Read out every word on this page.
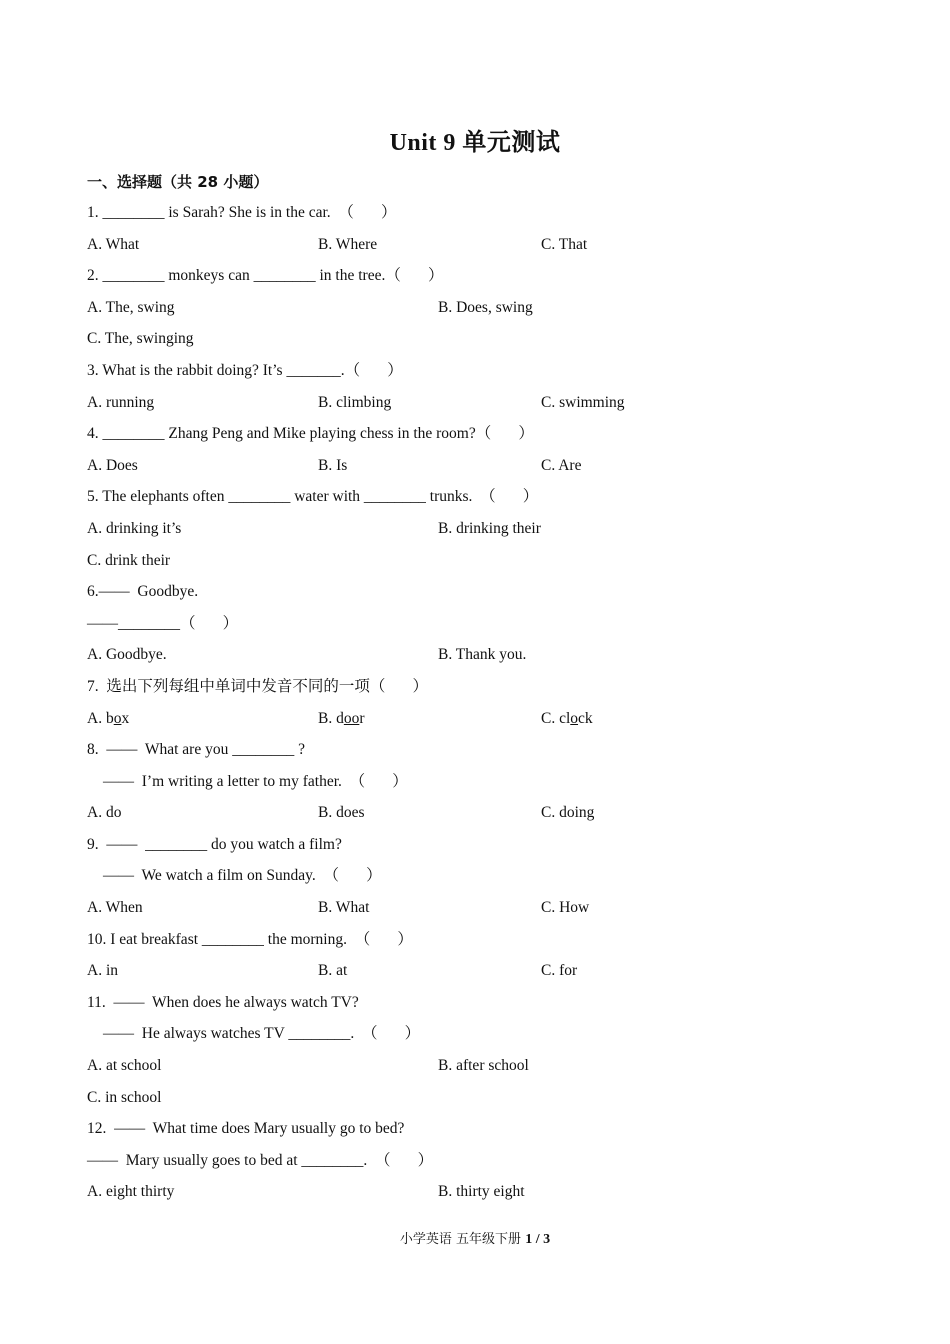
Unit 9 单元测试
一、选择题（共 28 小题）
1. ________ is Sarah? She is in the car.  （       ）

A. What

	B. Where

	C. That

2. ________ monkeys can ________ in the tree.（       ）

A. The, swing

	B. Does, swing

C. The, swinging
3. What is the rabbit doing? It’s _______.（       ）

A. running

	B. climbing

	C. swimming

4. ________ Zhang Peng and Mike playing chess in the room?（       ）

A. Does

	B. Is

	C. Are

5. The elephants often ________ water with ________ trunks.  （       ）

A. drinking it’s

	B. drinking their

C. drink their
6.——  Goodbye.
——________（       ）

A. Goodbye.

	B. Thank you.

7.  选出下列每组中单词中发音不同的一项（       ）

A. box

	B. door

	C. clock

8.  ——  What are you ________ ?
——  I’m writing a letter to my father.  （       ）

A. do

	B. does

	C. doing

9.  ——  ________ do you watch a film?
——  We watch a film on Sunday.  （       ）

A. When

	B. What

	C. How

10. I eat breakfast ________ the morning.  （       ）

A. in

	B. at

	C. for

11.  ——  When does he always watch TV?
——  He always watches TV ________.  （       ）

A. at school

	B. after school

C. in school
12.  ——  What time does Mary usually go to bed?
——  Mary usually goes to bed at ________.  （       ）

A. eight thirty

	B. thirty eight

小学英语 五年级下册 1 / 3
